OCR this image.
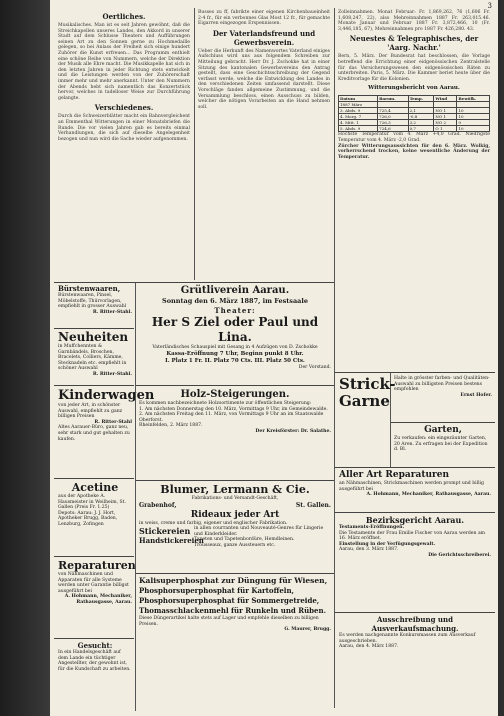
3
Oertliches.
Musikalisches. Man ist es seit Jahren gewöhnt, daß die Streichkapellen unseres Landes, den Akkord in unserer Stadt auf dem Schlusse Theaters und Aufführungen seinen Art zu den Sonnen gerne zu Hochmedaille gelegen, so bei Anlass der Freiheit sich einige hundert Zuhörer die Kunst erfreuen... Das Programm enthielt eine schöne Reihe von Nummern, welche der Direktion der Musik alle Ehre macht. Die Musikkapelle hat sich in den letzten Jahren in jeder Richtung stets entwickelt und die Leistungen werden von der Zuhörerschaft immer mehr und mehr anerkannt. Unter den Nummern der Abends hebt sich namentlich das Konzertstück hervor, welches in tadelloser Weise zur Durchführung gelangte.
Verschiedenes.
Durch die Schweizerblätter macht ein Bahnvergleichent an Emmenthal Witterungen in einer Monatsbriefen die Runde. Die vor vielen Jahren gab es bereits einmal Verhandlungen, die sich auf dieselbe Angelegenheit bezogen und nun wird die Sache wieder aufgenommen.
Busses zu ff, fabrikte einer eigenen Kirchenbaueinheit 2-4 fr., für ein verbonnes Glas Most 12 fr., für gemachte Eigarren eingezogen Erspennissen.
Der Vaterlandsfreund und Gewerbsverein.
Ueber die Herkunft des Namenwortes Vaterland einiges Aufschluss wird uns aus folgendem Schreiben zur Mitteilung gebracht. Herr Dr. J. Zschokke hat in einer Sitzung des kantonalen Gewerbsvereins den Antrag gestellt, dass eine Geschichtsschreibung der Gegend verfasst werde, welche die Entwicklung des Landes in den verschiedenen Zeiten umfassend darstellt. Diese Vorschläge fanden allgemeine Zustimmung, und die Versammlung beschloss, einen Ausschuss zu bilden, welcher die nötigen Vorarbeiten an die Hand nehmen soll.
Zolleinnahmen. Monat Februar: Fr. 1,869,262, 76 (1,606 Fr. 1,608,247, 22), also Mehreinnahmen 1887 Fr. 263,015.46. Monate Januar und Februar 1887 Fr. 3,872,466, 10 (Fr. 3,446,185, 67), Mehreinnahmen pro 1887 Fr. 426,280. 43.
Neuestes & Telegraphisches, der 'Aarg. Nachr.'
Bern, 5. März. Der Bundesrat hat beschlossen, die Vorlage betreffend die Errichtung einer eidgenössischen Zentralstelle für das Versicherungswesen den eidgenössischen Räten zu unterbreiten. Paris, 5. März. Die Kammer beriet heute über die Kreditvorlage für die Kolonien.
Witterungsbericht von Aarau.
Datum	Barom.	Temp.	Wind	Bewölk.
1887 März				
3. Abds. 9	725,4	2,1	NO 1	10
4. Morg. 7	726,0	-0,8	NO 1	10
4. Mitt. 1	726,3	3,2	NO 2	9
5. Abds. 9	724,6	0,7	O 1	10
Höchste Temperatur vom 4. März +4,0 Grad. Niedrigste Temperatur vom 4. März -2,0 Grad.
Zürcher Witterungsaussichten für den 6. März. Wolkig, vorherrschend trocken, keine wesentliche Änderung der Temperatur.
Bürstenwaaren,
Bürstenwaaren, Pinsel, Möbelstoffe, Thürvorlagen, empfiehlt in grosser Auswahl
R. Ritter-Stahl.
Neuheiten
in Muffchennten & Garnbändels, Broschen, Bracelets, Colliers, Kämme, Stecknadeln etc. empfiehlt in schöner Auswahl
R. Ritter-Stahl.
Kinderwagen
von jeder Art, in schönster Auswahl, empfiehlt zu ganz billigen Preisen
R. Ritter-Stahl
Altes Aarauer-Büro, ganz neu, sehr stark und gut gehalten zu kaufen.
Acetine
aus der Apotheke A. Hausmeister in Weilheim, St. Gallen (Preis Fr. 1.25)
Depots: Aarau: J. J. Hort, Apotheker Brugg, Baden, Lenzburg, Zofingen
Reparaturen
von Nähmaschinen und Apparaten für alle Systeme werden unter Garantie billigst ausgeführt bei
A. Hohmann, Mechaniker, Rathausgasse, Aarau.
Gesucht:
In ein Handelsgeschäft auf dem Lande ein tüchtiger Angestellter, der gewohnt ist, für die Kundschaft zu arbeiten.
Grütliverein Aarau.
Sonntag den 6. März 1887, im Festsaale
Theater:
Her S Ziel oder Paul und Lina.
Vaterländisches Schauspiel mit Gesang in 4 Aufzügen von D. Zschokke
Kassa-Eröffnung 7 Uhr, Beginn punkt 8 Uhr.
I. Platz 1 Fr. II. Platz 70 Cts. III. Platz 50 Cts.
Der Vorstand.
Holz-Steigerungen.
Es kommen nachbezeichnete Holzsortimente zur öffentlichen Steigerung:
1. Am nächsten Donnerstag den 10. März, Vormittags 9 Uhr, im Gemeindewalde.
2. Am nächsten Freitag den 11. März, von Vormittags 9 Uhr an im Staatswalde Oberforst.
Rheinfelden, 2. März 1887.
Der Kreisförster: Dr. Salathe.
Blumer, Lermann & Cie.
Fabrikations- und Versandt-Geschäft,
Grabenhof,	St. Gallen.
Rideaux jeder Art
in weiss, creme und farbig, eigener und englischer Fabrikation.
Stickereien
Handstickereien
in allen courranten und Nouveauté-Genres für Lingerie und Kinderkleider.
Tapeten und Tapetenbordüre, Hemdleinen.
Trousseaux, ganze Aussteuern etc.
Kalisuperphosphat zur Düngung für Wiesen,
Phosphorsuperphosphat für Kartoffeln,
Phosphorsuperphosphat für Sommergetreide,
Thomasschlackenmehl für Runkeln und Rüben.
Diese Düngerartikel halte stets auf Lager und empfehle dieselben zu billigen Preisen.
G. Maurer, Brugg.
Strick-Garne
Halte in grösster farben- und Qualitäten-Auswahl zu billigsten Preisen bestens empfohlen
Ernst Hofer.
Garten,
Zu verkaufen: ein eingezäunter Garten, 20 Aren. Zu erfragen bei der Expedition d. Bl.
Aller Art Reparaturen
an Nähmaschinen, Strickmaschinen werden prompt und billig ausgeführt bei
A. Hohmann, Mechaniker, Rathausgasse, Aarau.
Bezirksgericht Aarau.
Testaments-Eröffnungen.
Die Testamente der Frau Emilie Fischer von Aarau werden am 16. März eröffnet.
Einstellung in der Verfügungsgewalt.
Aarau, den 3. März 1887.
Die Gerichtsschreiberei.
Ausschreibung und Ausverkaufsmachung.
Es werden nachgenannte Konkursmassen zum Ausverkauf ausgeschrieben.
Aarau, den 4. März 1887.
